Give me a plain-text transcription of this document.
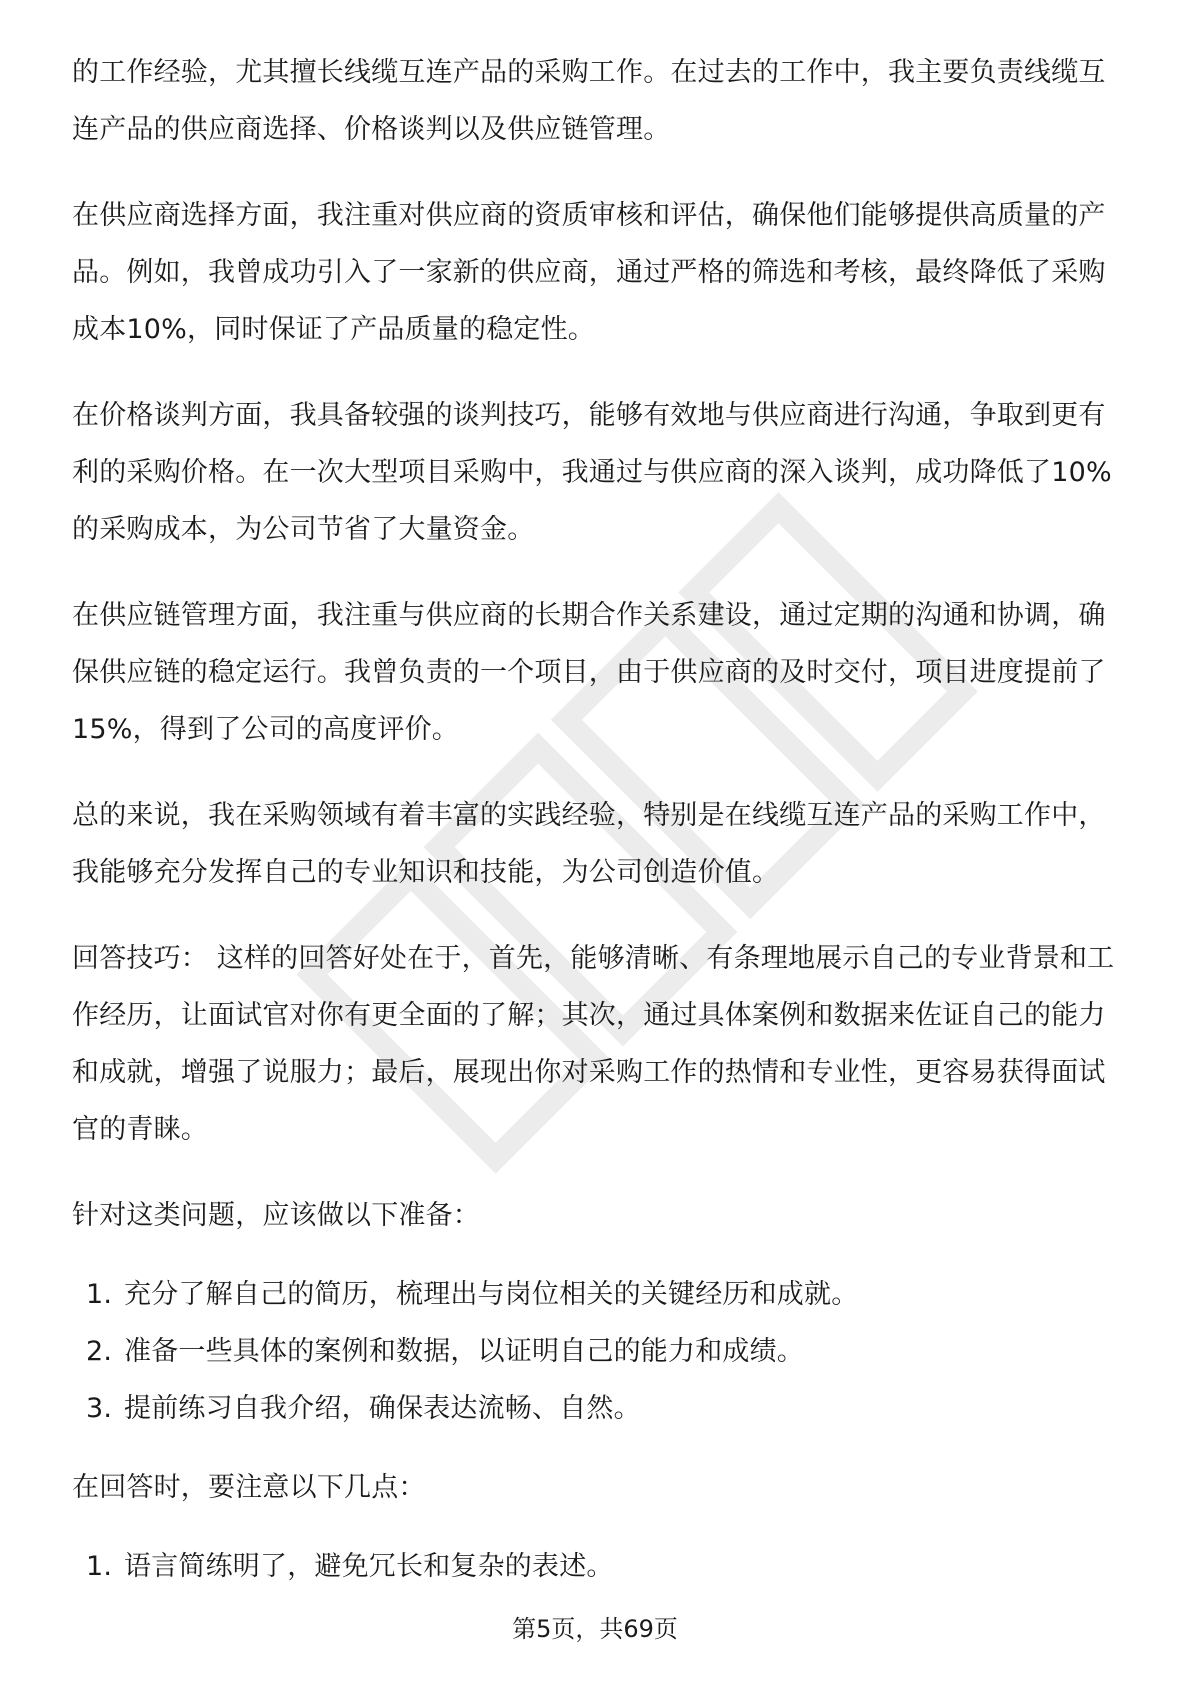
的工作经验，尤其擅长线缆互连产品的采购工作。在过去的工作中，我主要负责线缆互连产品的供应商选择、价格谈判以及供应链管理。

在供应商选择方面，我注重对供应商的资质审核和评估，确保他们能够提供高质量的产品。例如，我曾成功引入了一家新的供应商，通过严格的筛选和考核，最终降低了采购成本10%，同时保证了产品质量的稳定性。

在价格谈判方面，我具备较强的谈判技巧，能够有效地与供应商进行沟通，争取到更有利的采购价格。在一次大型项目采购中，我通过与供应商的深入谈判，成功降低了10%的采购成本，为公司节省了大量资金。

在供应链管理方面，我注重与供应商的长期合作关系建设，通过定期的沟通和协调，确保供应链的稳定运行。我曾负责的一个项目，由于供应商的及时交付，项目进度提前了15%，得到了公司的高度评价。

总的来说，我在采购领域有着丰富的实践经验，特别是在线缆互连产品的采购工作中，我能够充分发挥自己的专业知识和技能，为公司创造价值。

回答技巧： 这样的回答好处在于，首先，能够清晰、有条理地展示自己的专业背景和工作经历，让面试官对你有更全面的了解；其次，通过具体案例和数据来佐证自己的能力和成就，增强了说服力；最后，展现出你对采购工作的热情和专业性，更容易获得面试官的青睐。

针对这类问题，应该做以下准备：

1. 充分了解自己的简历，梳理出与岗位相关的关键经历和成就。
2. 准备一些具体的案例和数据，以证明自己的能力和成绩。
3. 提前练习自我介绍，确保表达流畅、自然。

在回答时，要注意以下几点：

1. 语言简练明了，避免冗长和复杂的表述。
第5页，共69页
